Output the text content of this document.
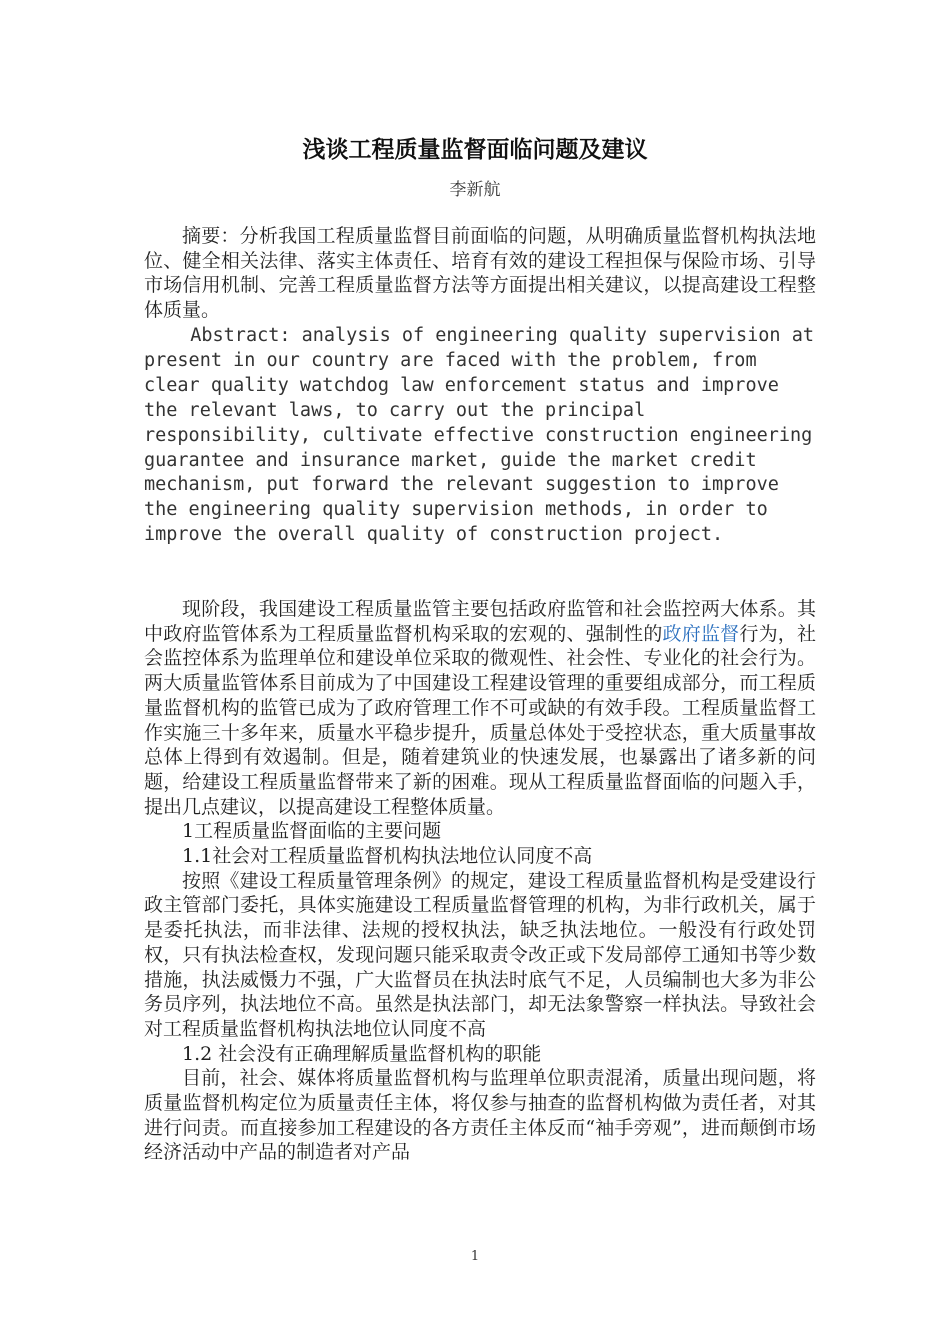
浅谈工程质量监督面临问题及建议
李新航

摘要：分析我国工程质量监督目前面临的问题，从明确质量监督机构执法地位、健全相关法律、落实主体责任、培育有效的建设工程担保与保险市场、引导市场信用机制、完善工程质量监督方法等方面提出相关建议，以提高建设工程整体质量。

Abstract: analysis of engineering quality supervision at present in our country are faced with the problem, from clear quality watchdog law enforcement status and improve the relevant laws, to carry out the principal responsibility, cultivate effective construction engineering guarantee and insurance market, guide the market credit mechanism, put forward the relevant suggestion to improve the engineering quality supervision methods, in order to improve the overall quality of construction project.

现阶段，我国建设工程质量监管主要包括政府监管和社会监控两大体系。其中政府监管体系为工程质量监督机构采取的宏观的、强制性的政府监督行为，社会监控体系为监理单位和建设单位采取的微观性、社会性、专业化的社会行为。两大质量监管体系目前成为了中国建设工程建设管理的重要组成部分，而工程质量监督机构的监管已成为了政府管理工作不可或缺的有效手段。工程质量监督工作实施三十多年来，质量水平稳步提升，质量总体处于受控状态，重大质量事故总体上得到有效遏制。但是，随着建筑业的快速发展，也暴露出了诸多新的问题，给建设工程质量监督带来了新的困难。现从工程质量监督面临的问题入手，提出几点建议，以提高建设工程整体质量。

1工程质量监督面临的主要问题

1.1社会对工程质量监督机构执法地位认同度不高

按照《建设工程质量管理条例》的规定，建设工程质量监督机构是受建设行政主管部门委托，具体实施建设工程质量监督管理的机构，为非行政机关，属于是委托执法，而非法律、法规的授权执法，缺乏执法地位。一般没有行政处罚权，只有执法检查权，发现问题只能采取责令改正或下发局部停工通知书等少数措施，执法威慑力不强，广大监督员在执法时底气不足，人员编制也大多为非公务员序列，执法地位不高。虽然是执法部门，却无法象警察一样执法。导致社会对工程质量监督机构执法地位认同度不高

1.2 社会没有正确理解质量监督机构的职能

目前，社会、媒体将质量监督机构与监理单位职责混淆，质量出现问题，将质量监督机构定位为质量责任主体，将仅参与抽查的监督机构做为责任者，对其进行问责。而直接参加工程建设的各方责任主体反而“袖手旁观”，进而颠倒市场经济活动中产品的制造者对产品

1
